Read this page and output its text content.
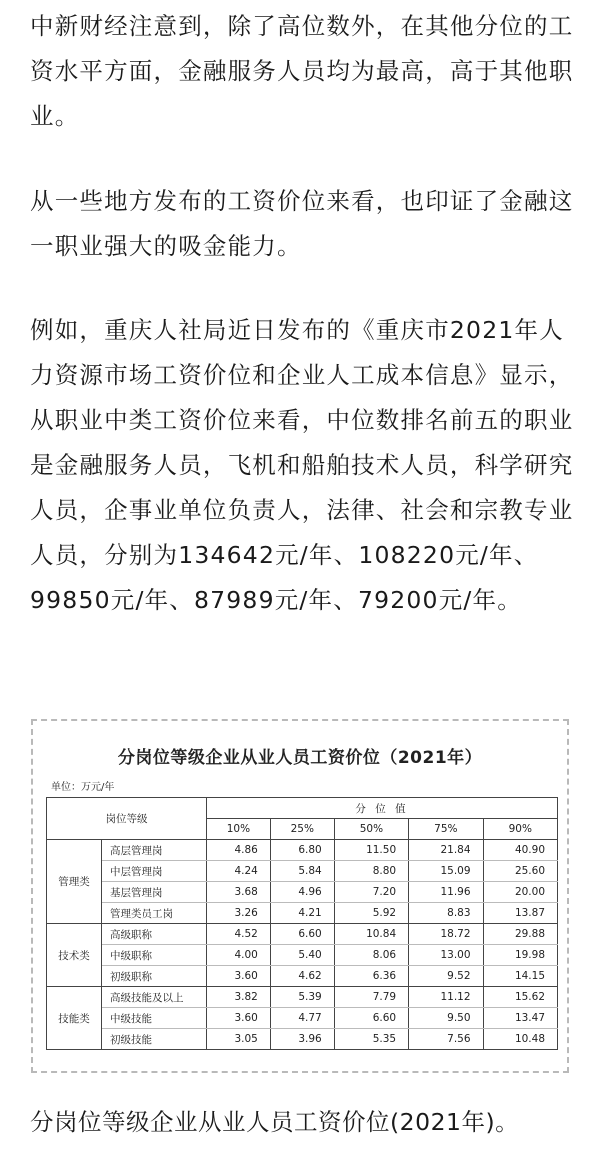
中新财经注意到，除了高位数外，在其他分位的工资水平方面，金融服务人员均为最高，高于其他职业。

从一些地方发布的工资价位来看，也印证了金融这一职业强大的吸金能力。

例如，重庆人社局近日发布的《重庆市2021年人力资源市场工资价位和企业人工成本信息》显示，从职业中类工资价位来看，中位数排名前五的职业是金融服务人员，飞机和船舶技术人员，科学研究人员，企事业单位负责人，法律、社会和宗教专业人员，分别为134642元/年、108220元/年、99850元/年、87989元/年、79200元/年。

分岗位等级企业从业人员工资价位（2021年）
单位：万元/年
岗位等级		分 位 值				
		10%	25%	50%	75%	90%
管理类	高层管理岗	4.86	6.80	11.50	21.84	40.90
	中层管理岗	4.24	5.84	8.80	15.09	25.60
	基层管理岗	3.68	4.96	7.20	11.96	20.00
	管理类员工岗	3.26	4.21	5.92	8.83	13.87
技术类	高级职称	4.52	6.60	10.84	18.72	29.88
	中级职称	4.00	5.40	8.06	13.00	19.98
	初级职称	3.60	4.62	6.36	9.52	14.15
技能类	高级技能及以上	3.82	5.39	7.79	11.12	15.62
	中级技能	3.60	4.77	6.60	9.50	13.47
	初级技能	3.05	3.96	5.35	7.56	10.48

分岗位等级企业从业人员工资价位(2021年)。
